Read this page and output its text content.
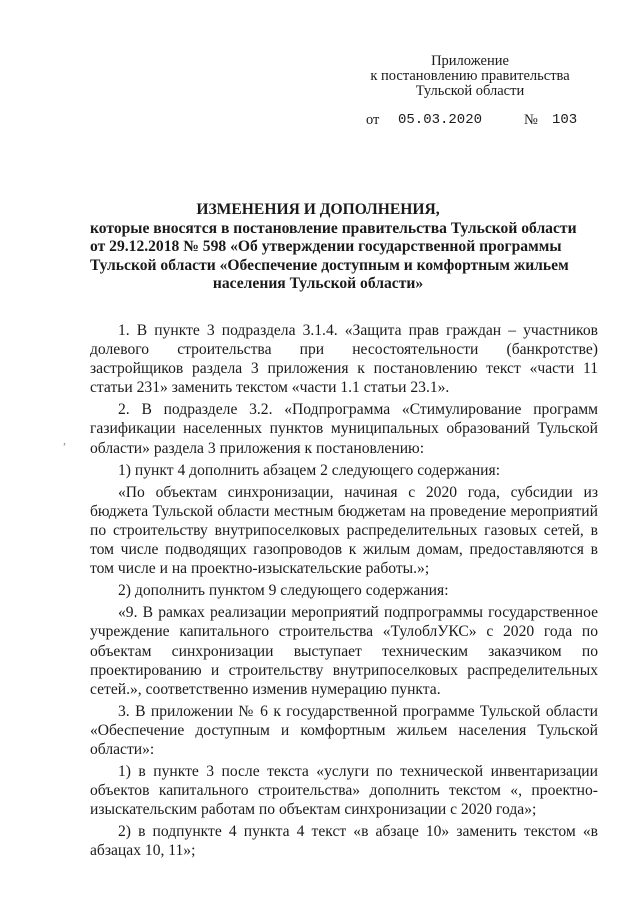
Приложение
к постановлению правительства
Тульской области
от 05.03.2020	№ 103
ИЗМЕНЕНИЯ И ДОПОЛНЕНИЯ,
которые вносятся в постановление правительства Тульской области
от 29.12.2018 № 598 «Об утверждении государственной программы
Тульской области «Обеспечение доступным и комфортным жильем
населения Тульской области»

1. В пункте 3 подраздела 3.1.4. «Защита прав граждан – участников долевого строительства при несостоятельности (банкротстве) застройщиков раздела 3 приложения к постановлению текст «части 11 статьи 231» заменить текстом «части 1.1 статьи 23.1».

2. В подразделе 3.2. «Подпрограмма «Стимулирование программ газификации населенных пунктов муниципальных образований Тульской области» раздела 3 приложения к постановлению:

1) пункт 4 дополнить абзацем 2 следующего содержания:

«По объектам синхронизации, начиная с 2020 года, субсидии из бюджета Тульской области местным бюджетам на проведение мероприятий по строительству внутрипоселковых распределительных газовых сетей, в том числе подводящих газопроводов к жилым домам, предоставляются в том числе и на проектно-изыскательские работы.»;

2) дополнить пунктом 9 следующего содержания:

«9. В рамках реализации мероприятий подпрограммы государственное учреждение капитального строительства «ТулоблУКС» с 2020 года по объектам синхронизации выступает техническим заказчиком по проектированию и строительству внутрипоселковых распределительных сетей.», соответственно изменив нумерацию пункта.

3. В приложении № 6 к государственной программе Тульской области «Обеспечение доступным и комфортным жильем населения Тульской области»:

1) в пункте 3 после текста «услуги по технической инвентаризации объектов капитального строительства» дополнить текстом «, проектно-изыскательским работам по объектам синхронизации с 2020 года»;

2) в подпункте 4 пункта 4 текст «в абзаце 10» заменить текстом «в абзацах 10, 11»;

,
